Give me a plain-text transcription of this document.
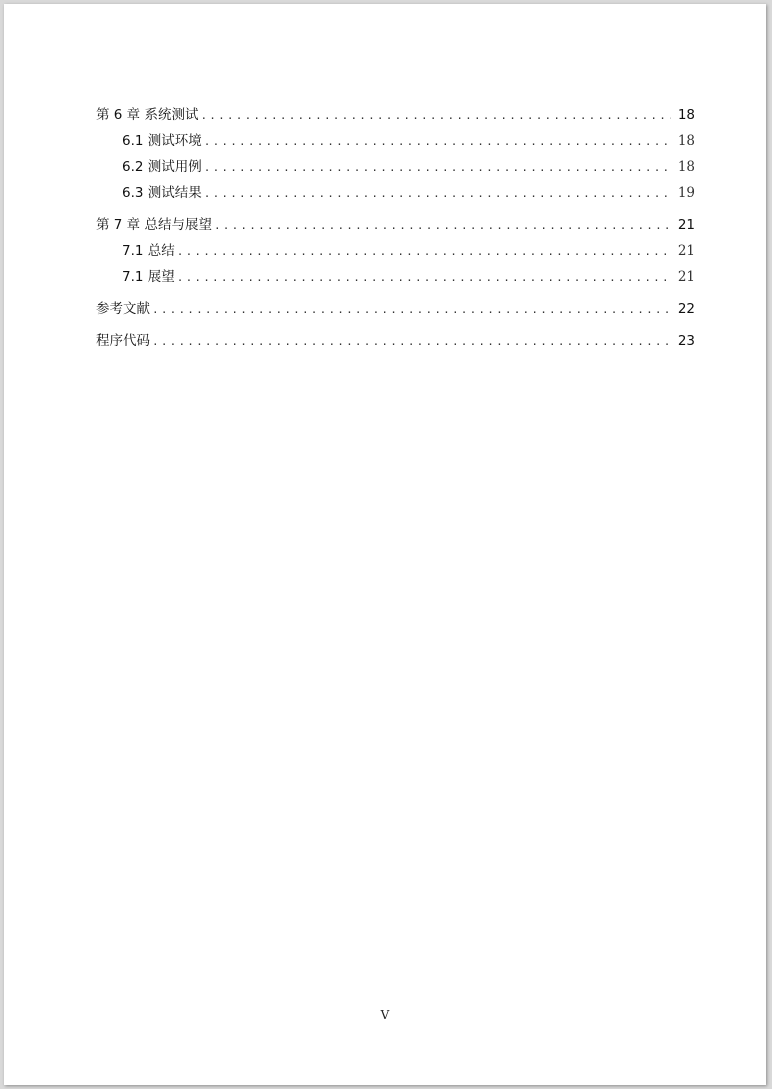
第 6 章 系统测试 .....	18
6.1 测试环境 .....	18
6.2 测试用例 .....	18
6.3 测试结果 .....	19
第 7 章 总结与展望 .....	21
7.1 总结 .....	21
7.1 展望 .....	21
参考文献 .....	22
程序代码 .....	23
V
